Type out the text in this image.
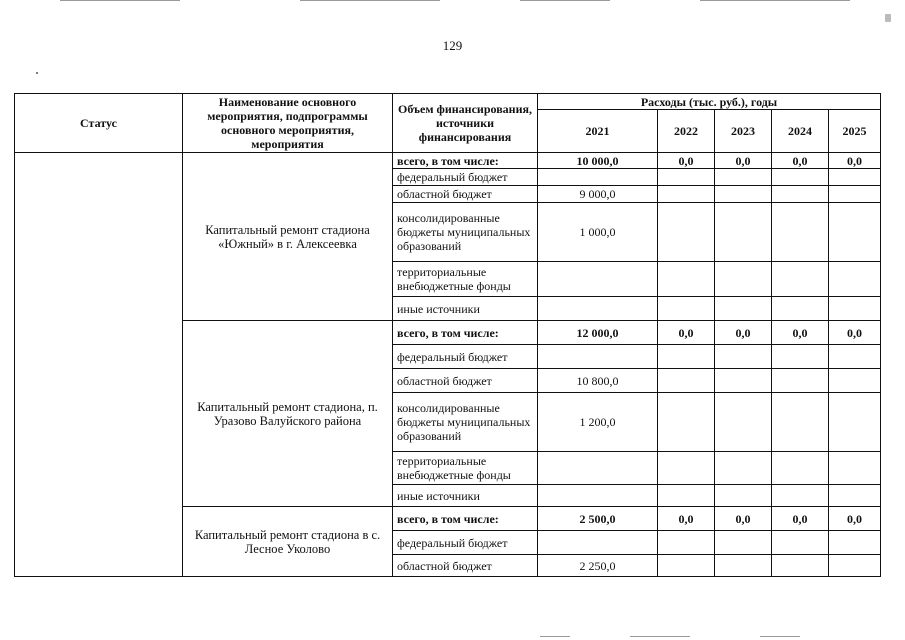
129
Статус	Наименование основного мероприятия, подпрограммы основного мероприятия, мероприятия	Объем финансирования, источники финансирования	Расходы (тыс. руб.), годы				
			2021	2022	2023	2024	2025
	Капитальный ремонт стадиона «Южный» в г. Алексеевка	всего, в том числе:	10 000,0	0,0	0,0	0,0	0,0
		федеральный бюджет					
		областной бюджет	9 000,0				
		консолидированные бюджеты муниципальных образований	1 000,0				
		территориальные внебюджетные фонды					
		иные источники					
	Капитальный ремонт стадиона, п. Уразово Валуйского района	всего, в том числе:	12 000,0	0,0	0,0	0,0	0,0
		федеральный бюджет					
		областной бюджет	10 800,0				
		консолидированные бюджеты муниципальных образований	1 200,0				
		территориальные внебюджетные фонды					
		иные источники					
	Капитальный ремонт стадиона в с. Лесное Уколово	всего, в том числе:	2 500,0	0,0	0,0	0,0	0,0
		федеральный бюджет					
		областной бюджет	2 250,0				
